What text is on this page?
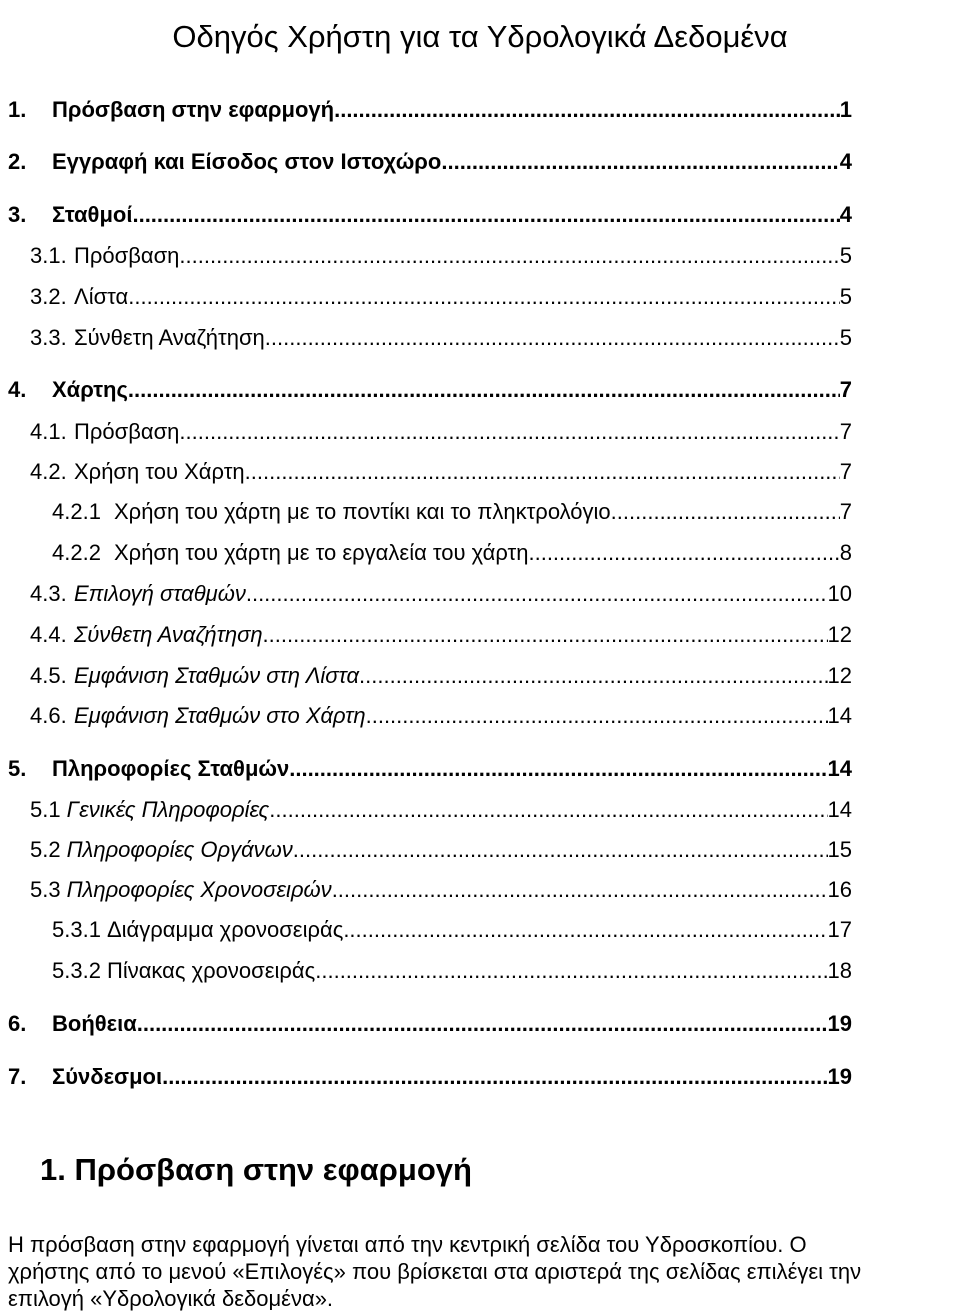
Οδηγός Χρήστη για τα Υδρολογικά Δεδομένα
1.	Πρόσβαση στην εφαρμογή .....	1
2.	Εγγραφή και Είσοδος στον Ιστοχώρο .....	4
3.	Σταθμοί .....	4
3.1. Πρόσβαση .....	5
3.2. Λίστα .....	5
3.3. Σύνθετη Αναζήτηση .....	5
4.	Χάρτης .....	7
4.1. Πρόσβαση .....	7
4.2. Χρήση του Χάρτη .....	7
4.2.1 Χρήση του χάρτη με το ποντίκι και το πληκτρολόγιο .....	7
4.2.2 Χρήση του χάρτη με το εργαλεία του χάρτη .....	8
4.3. Επιλογή σταθμών .....	10
4.4. Σύνθετη Αναζήτηση .....	12
4.5. Εμφάνιση Σταθμών στη Λίστα .....	12
4.6. Εμφάνιση Σταθμών στο Χάρτη .....	14
5.	Πληροφορίες Σταθμών .....	14
5.1 Γενικές Πληροφορίες .....	14
5.2 Πληροφορίες Οργάνων .....	15
5.3 Πληροφορίες Χρονοσειρών .....	16
5.3.1 Διάγραμμα χρονοσειράς .....	17
5.3.2 Πίνακας χρονοσειράς .....	18
6.	Βοήθεια .....	19
7.	Σύνδεσμοι .....	19
1. Πρόσβαση στην εφαρμογή

Η πρόσβαση στην εφαρμογή γίνεται από την κεντρική σελίδα του Υδροσκοπίου. Ο
χρήστης από το μενού «Επιλογές» που βρίσκεται στα αριστερά της σελίδας επιλέγει την
επιλογή «Υδρολογικά δεδομένα».
